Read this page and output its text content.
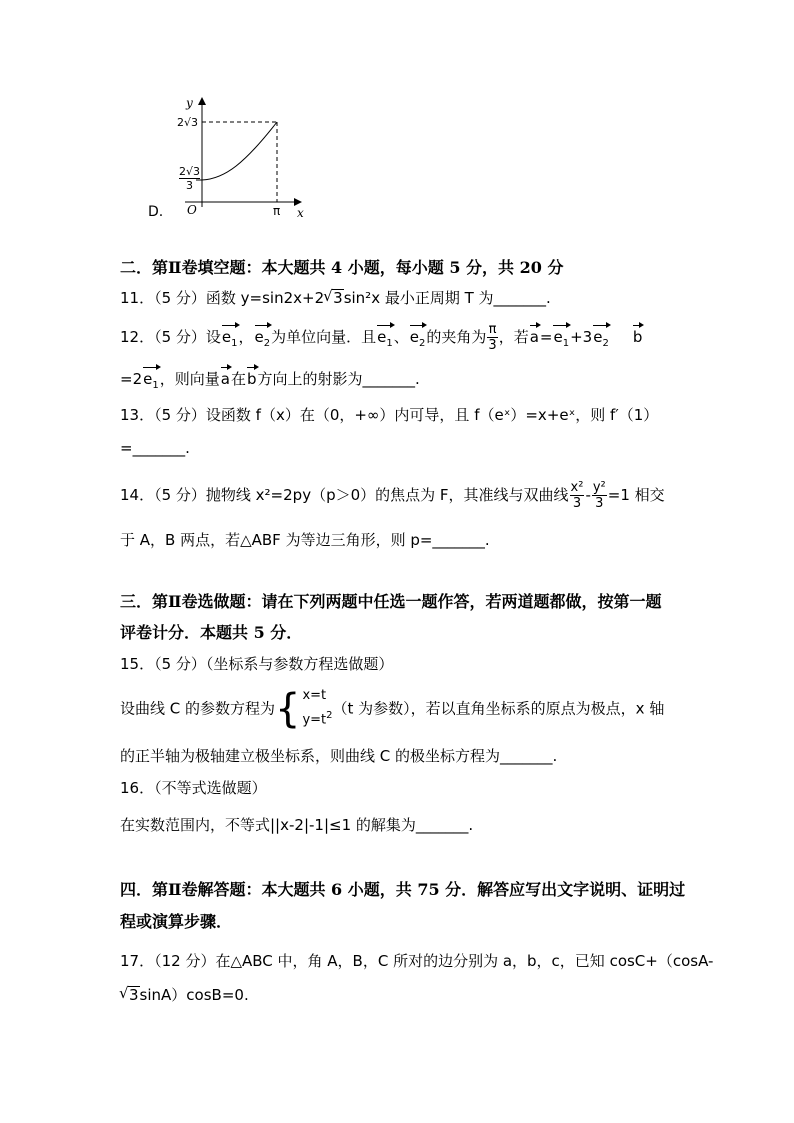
D.
y
2√3
$\frac{2√3}{3}$
O	π x
二．第Ⅱ卷填空题：本大题共 4 小题，每小题 5 分，共 20 分
11．（5 分）函数 y=sin2x+2√ 3sin²x 最小正周期 T 为_______.
12．（5 分）设$e_1$，$e_2$为单位向量．且$e_1$、$e_2$的夹角为 $\frac{\pi}{3}$ ，若$a=e_1+3e_2$ b
$=2e_1$，则向量a在b方向上的射影为_______.
13．（5 分）设函数 f（x）在（0，+∞）内可导，且 f（eˣ）=x+eˣ，则 f′（1）
=_______.
14．（5 分）抛物线 x²=2py（p＞0）的焦点为 F，其准线与双曲线 $\frac{\text{x²}}{3} - \frac{\text{y²}}{3} =1$ 相交
于 A，B 两点，若△ABF 为等边三角形，则 p=_______.
三．第Ⅱ卷选做题：请在下列两题中任选一题作答，若两道题都做，按第一题
评卷计分．本题共 5 分．
15．（5 分）（坐标系与参数方程选做题）
设曲线 C 的参数方程为{ x=t
$y=t^2$ （t 为参数），若以直角坐标系的原点为极点，x 轴
的正半轴为极轴建立极坐标系，则曲线 C 的极坐标方程为_______.
16．（不等式选做题）
在实数范围内，不等式||x-2|-1|≤1 的解集为_______.
四．第Ⅱ卷解答题：本大题共 6 小题，共 75 分．解答应写出文字说明、证明过
程或演算步骤．
17．（12 分）在△ABC 中，角 A，B，C 所对的边分别为 a，b，c，已知 cosC+（cosA-
√ 3sinA）cosB=0.
